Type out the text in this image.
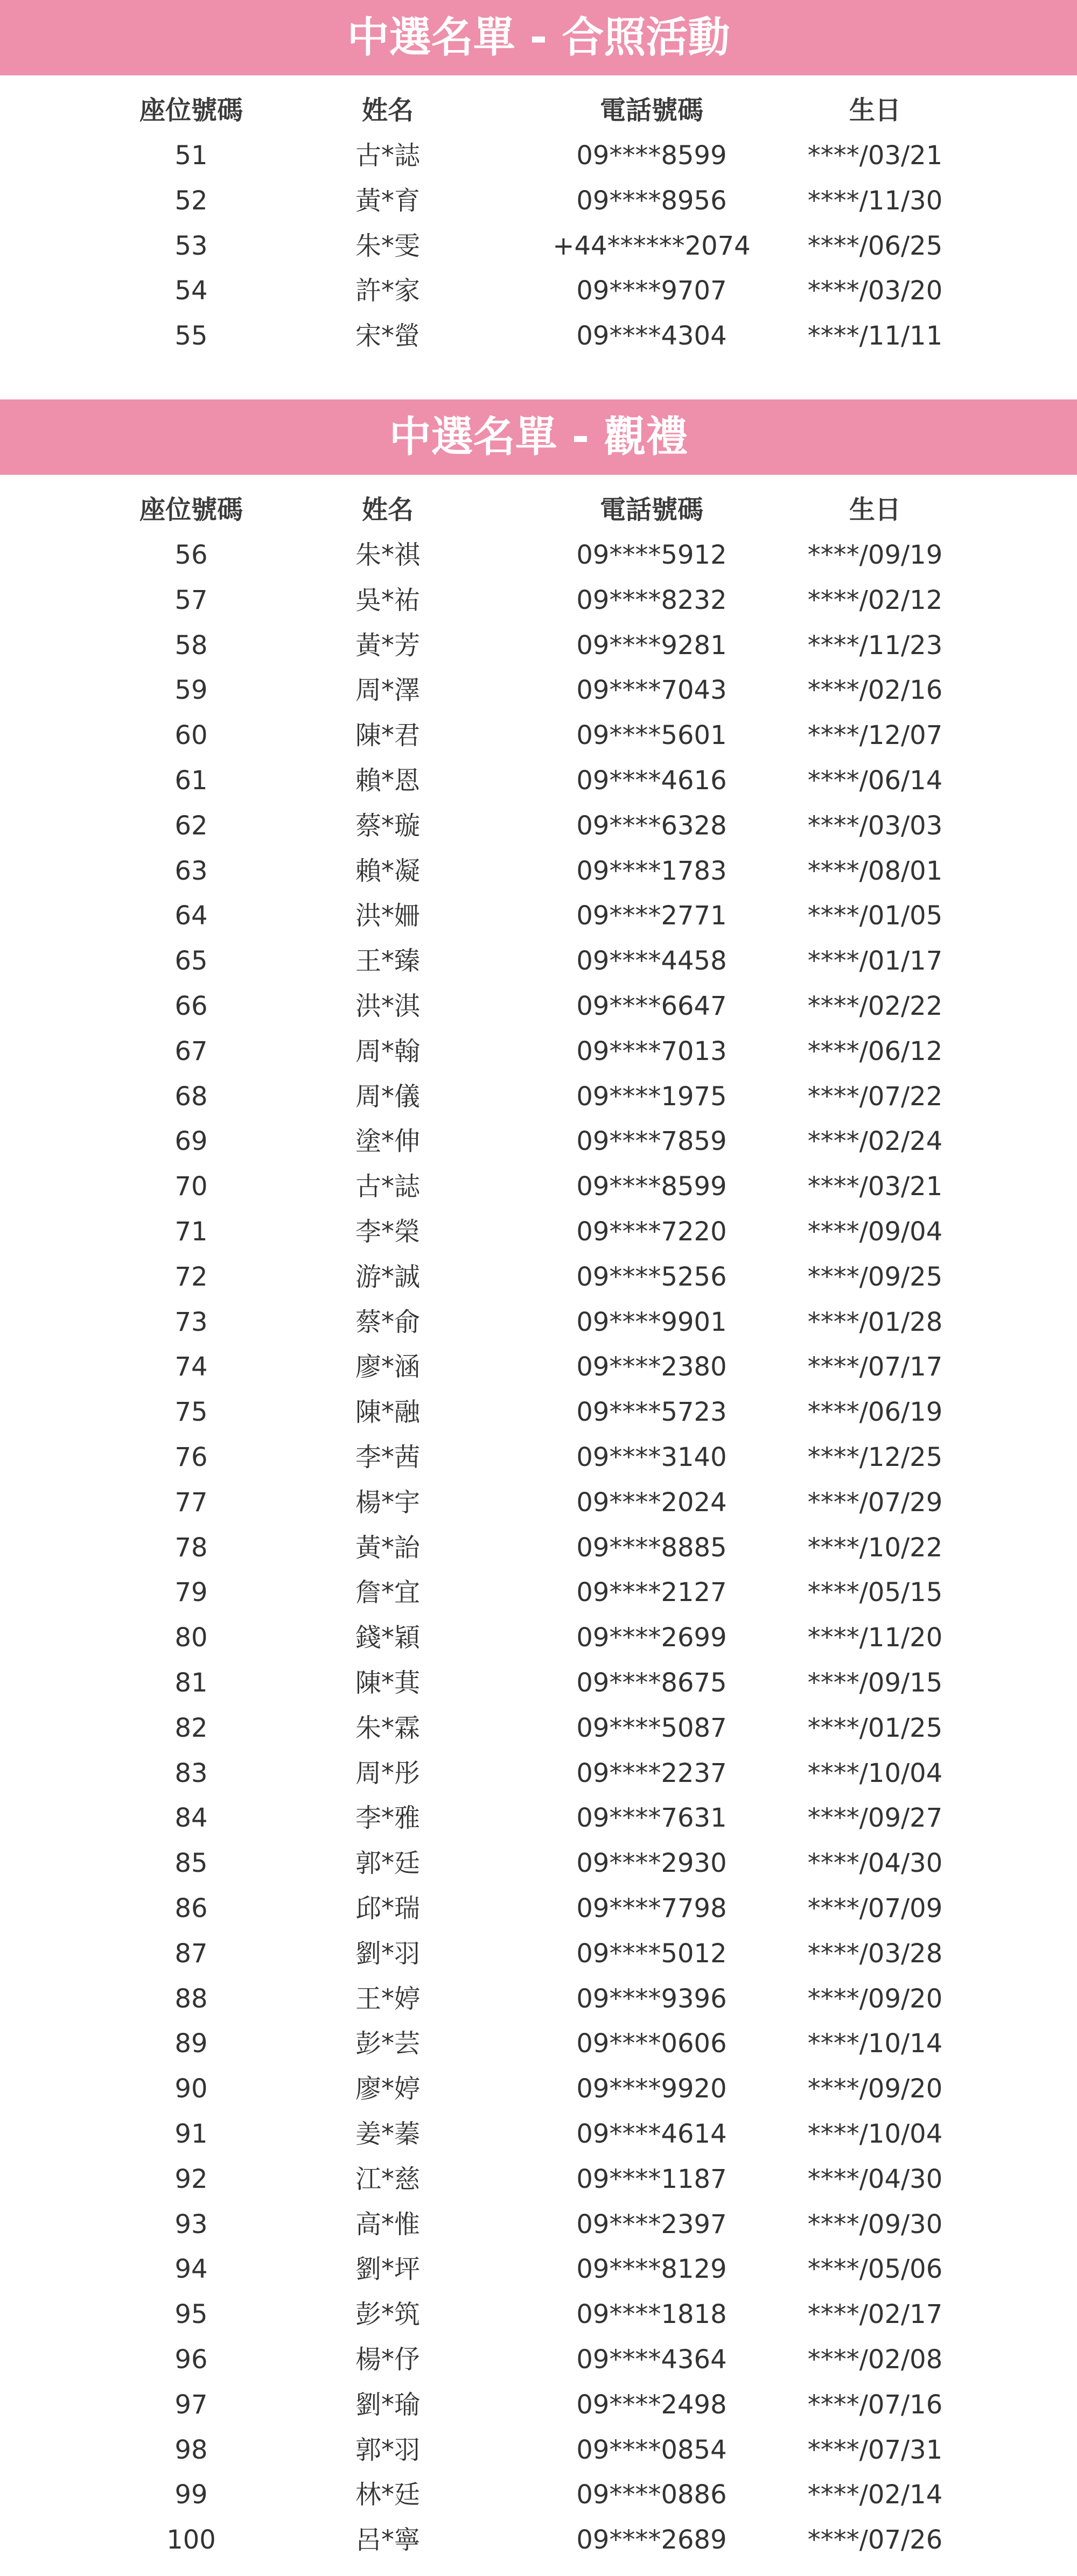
中選名單 - 合照活動
座位號碼	姓名	電話號碼	生日
51	古*誌	09****8599	****/03/21
52	黃*育	09****8956	****/11/30
53	朱*雯	+44******2074	****/06/25
54	許*家	09****9707	****/03/20
55	宋*螢	09****4304	****/11/11
中選名單 - 觀禮
座位號碼	姓名	電話號碼	生日
56	朱*祺	09****5912	****/09/19
57	吳*祐	09****8232	****/02/12
58	黃*芳	09****9281	****/11/23
59	周*澤	09****7043	****/02/16
60	陳*君	09****5601	****/12/07
61	賴*恩	09****4616	****/06/14
62	蔡*璇	09****6328	****/03/03
63	賴*凝	09****1783	****/08/01
64	洪*姍	09****2771	****/01/05
65	王*臻	09****4458	****/01/17
66	洪*淇	09****6647	****/02/22
67	周*翰	09****7013	****/06/12
68	周*儀	09****1975	****/07/22
69	塗*伸	09****7859	****/02/24
70	古*誌	09****8599	****/03/21
71	李*榮	09****7220	****/09/04
72	游*誠	09****5256	****/09/25
73	蔡*俞	09****9901	****/01/28
74	廖*涵	09****2380	****/07/17
75	陳*融	09****5723	****/06/19
76	李*茜	09****3140	****/12/25
77	楊*宇	09****2024	****/07/29
78	黃*詒	09****8885	****/10/22
79	詹*宜	09****2127	****/05/15
80	錢*穎	09****2699	****/11/20
81	陳*萁	09****8675	****/09/15
82	朱*霖	09****5087	****/01/25
83	周*彤	09****2237	****/10/04
84	李*雅	09****7631	****/09/27
85	郭*廷	09****2930	****/04/30
86	邱*瑞	09****7798	****/07/09
87	劉*羽	09****5012	****/03/28
88	王*婷	09****9396	****/09/20
89	彭*芸	09****0606	****/10/14
90	廖*婷	09****9920	****/09/20
91	姜*蓁	09****4614	****/10/04
92	江*慈	09****1187	****/04/30
93	高*惟	09****2397	****/09/30
94	劉*坪	09****8129	****/05/06
95	彭*筑	09****1818	****/02/17
96	楊*伃	09****4364	****/02/08
97	劉*瑜	09****2498	****/07/16
98	郭*羽	09****0854	****/07/31
99	林*廷	09****0886	****/02/14
100	呂*寧	09****2689	****/07/26
